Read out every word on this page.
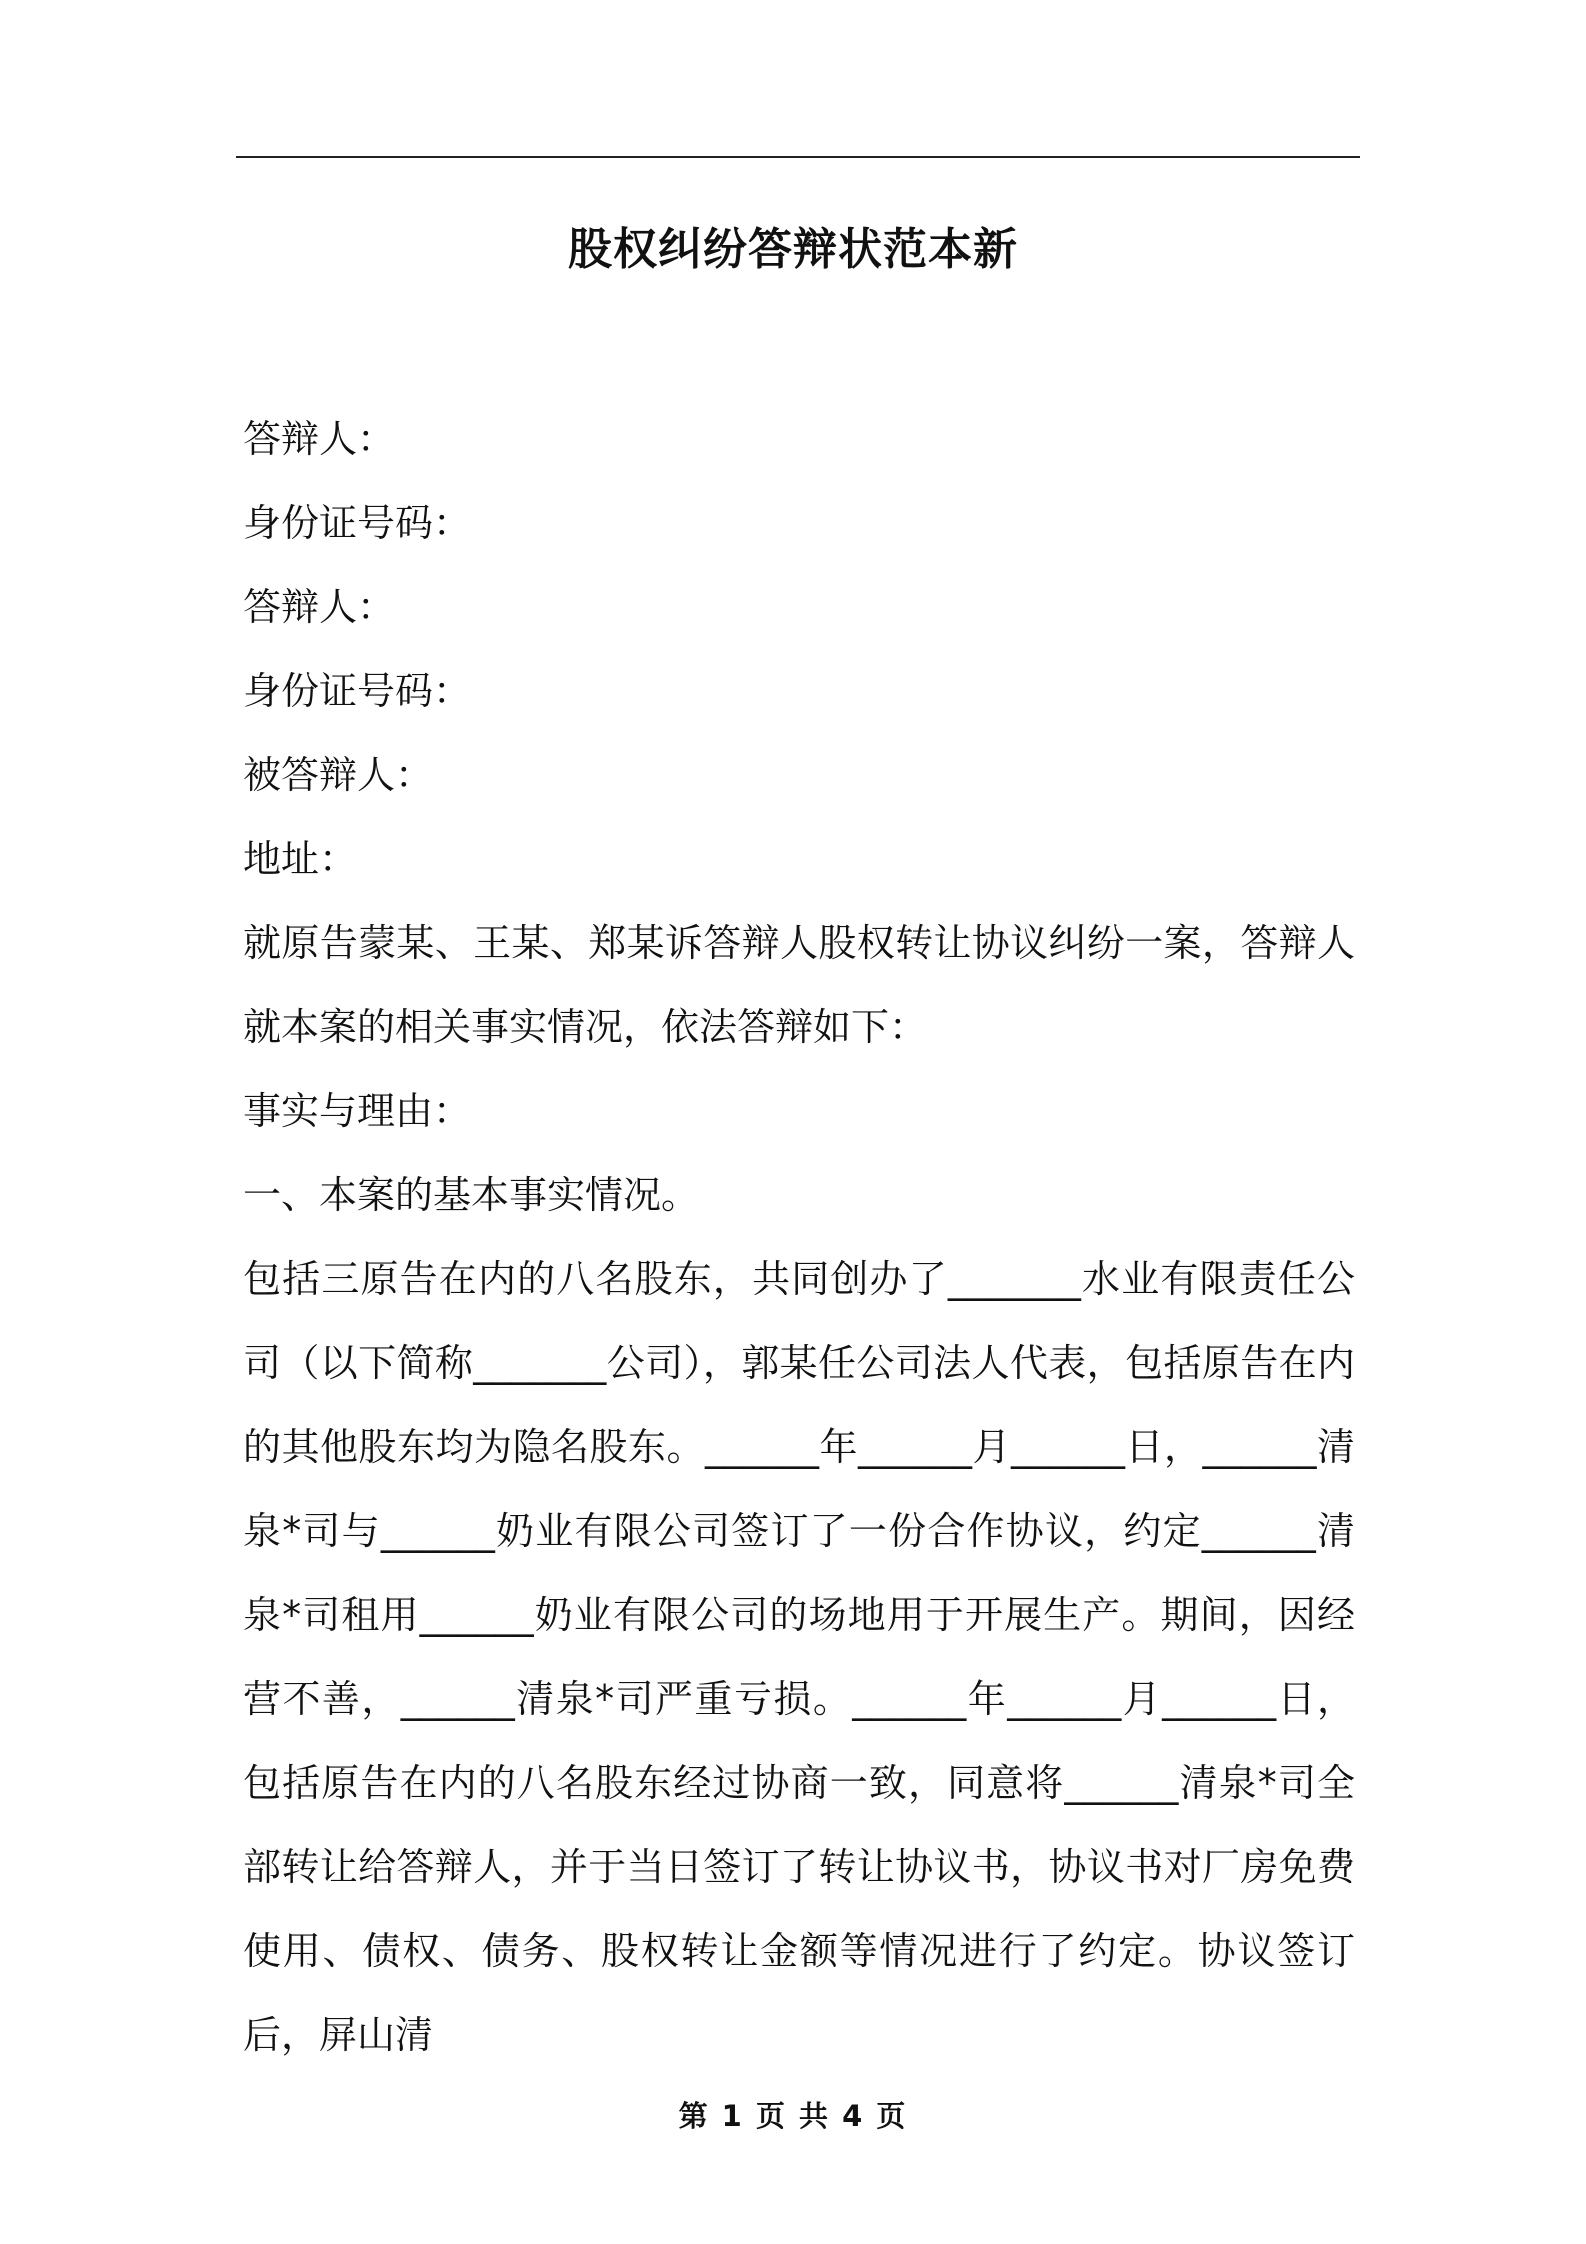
股权纠纷答辩状范本新

答辩人：

身份证号码：

答辩人：

身份证号码：

被答辩人：

地址：

就原告蒙某、王某、郑某诉答辩人股权转让协议纠纷一案，答辩人就本案的相关事实情况，依法答辩如下：

事实与理由：

一、本案的基本事实情况。

包括三原告在内的八名股东，共同创办了_______水业有限责任公司（以下简称_______公司），郭某任公司法人代表，包括原告在内的其他股东均为隐名股东。______年______月______日，______清泉*司与______奶业有限公司签订了一份合作协议，约定______清泉*司租用______奶业有限公司的场地用于开展生产。期间，因经营不善，______清泉*司严重亏损。______年______月______日，包括原告在内的八名股东经过协商一致，同意将______清泉*司全部转让给答辩人，并于当日签订了转让协议书，协议书对厂房免费使用、债权、债务、股权转让金额等情况进行了约定。协议签订后，屏山清

第 1 页 共 4 页
